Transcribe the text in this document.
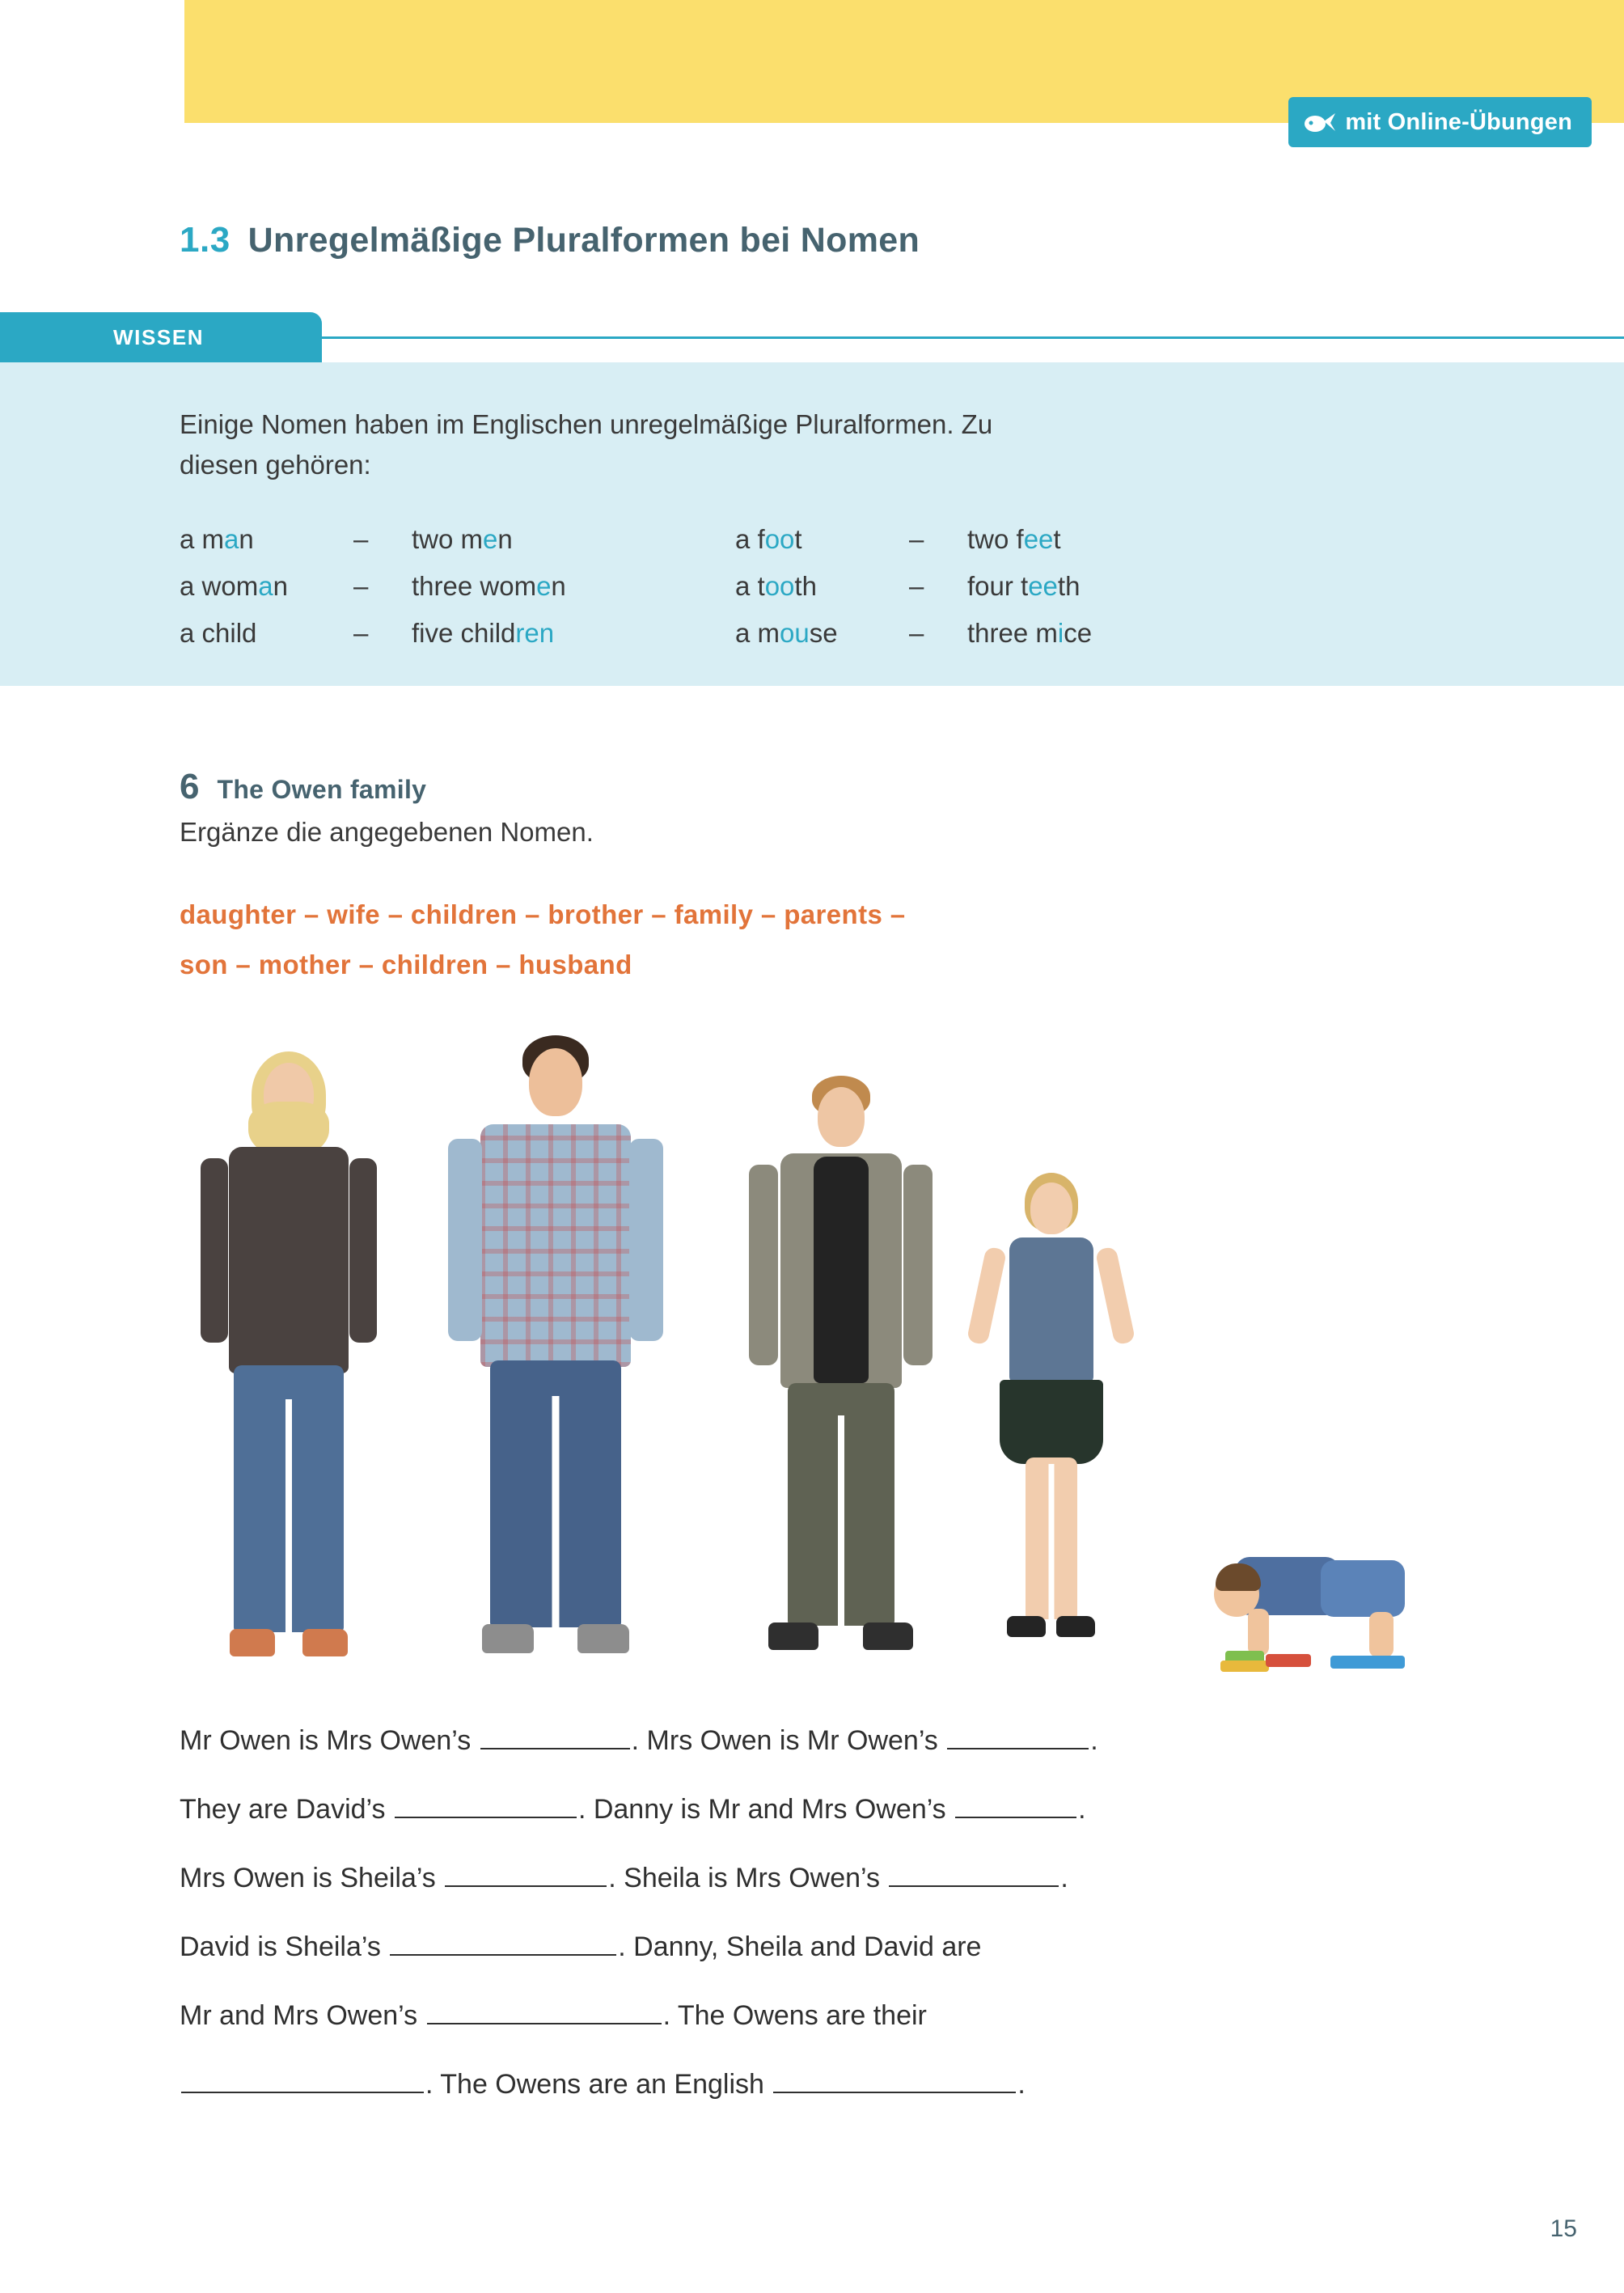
mit Online-Übungen
1.3 Unregelmäßige Pluralformen bei Nomen
WISSEN
Einige Nomen haben im Englischen unregelmäßige Pluralformen. Zu
diesen gehören:
a man	–	two men	a foot	–	two feet
a woman	–	three women	a tooth	–	four teeth
a child	–	five children	a mouse	–	three mice
6 The Owen family
Ergänze die angegebenen Nomen.
daughter – wife – children – brother – family – parents –
son – mother – children – husband
Mr Owen is Mrs Owen’s	. Mrs Owen is Mr Owen’s	.
They are David’s	. Danny is Mr and Mrs Owen’s	.
Mrs Owen is Sheila’s	. Sheila is Mrs Owen’s	.
David is Sheila’s	. Danny, Sheila and David are
Mr and Mrs Owen’s	. The Owens are their
. The Owens are an English	.
15
